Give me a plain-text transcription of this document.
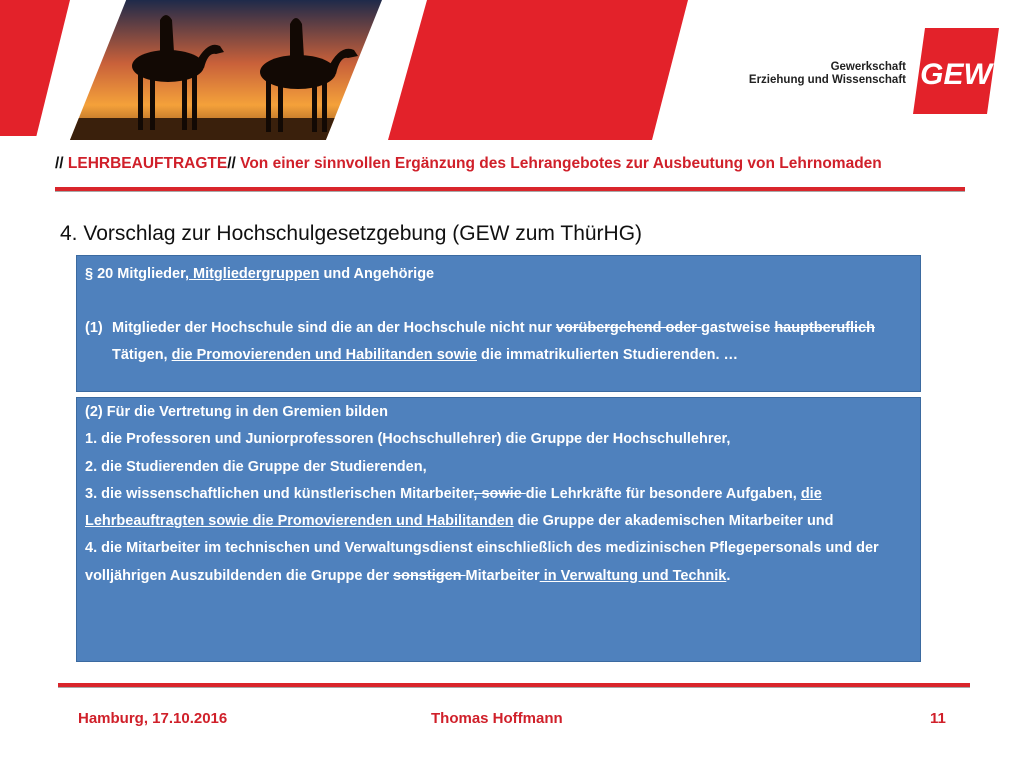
Gewerkschaft
Erziehung und Wissenschaft GEW
// LEHRBEAUFTRAGTE// Von einer sinnvollen Ergänzung des Lehrangebotes zur Ausbeutung von Lehrnomaden
4. Vorschlag zur Hochschulgesetzgebung (GEW zum ThürHG)
§ 20 Mitglieder, Mitgliedergruppen und Angehörige
(1) Mitglieder der Hochschule sind die an der Hochschule nicht nur vorübergehend oder gastweise hauptberuflich Tätigen, die Promovierenden und Habilitanden sowie die immatrikulierten Studierenden. …
(2) Für die Vertretung in den Gremien bilden
1. die Professoren und Juniorprofessoren (Hochschullehrer) die Gruppe der Hochschullehrer,
2. die Studierenden die Gruppe der Studierenden,
3. die wissenschaftlichen und künstlerischen Mitarbeiter, sowie die Lehrkräfte für besondere Aufgaben, die Lehrbeauftragten sowie die Promovierenden und Habilitanden die Gruppe der akademischen Mitarbeiter und
4. die Mitarbeiter im technischen und Verwaltungsdienst einschließlich des medizinischen Pflegepersonals und der volljährigen Auszubildenden die Gruppe der sonstigen Mitarbeiter in Verwaltung und Technik.
Hamburg, 17.10.2016	Thomas Hoffmann	11
